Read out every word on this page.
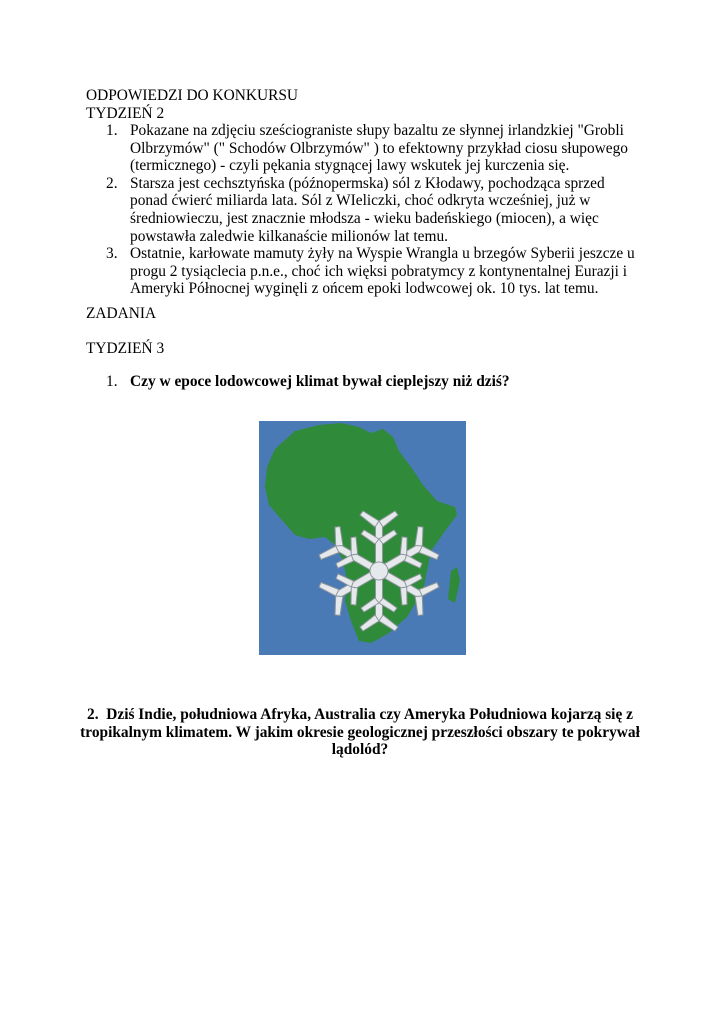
ODPOWIEDZI DO KONKURSU

TYDZIEŃ 2

1. Pokazane na zdjęciu sześciograniste słupy bazaltu ze słynnej irlandzkiej "Grobli Olbrzymów" (" Schodów Olbrzymów" ) to efektowny przykład ciosu słupowego (termicznego) - czyli pękania stygnącej lawy wskutek jej kurczenia się.
2. Starsza jest cechsztyńska (późnopermska) sól z Kłodawy, pochodząca sprzed ponad ćwierć miliarda lata. Sól z WIeliczki, choć odkryta wcześniej, już w średniowieczu, jest znacznie młodsza - wieku badeńskiego (miocen), a więc powstawła zaledwie kilkanaście milionów lat temu.
3. Ostatnie, karłowate mamuty żyły na Wyspie Wrangla u brzegów Syberii jeszcze u progu 2 tysiąclecia p.n.e., choć ich więksi pobratymcy z kontynentalnej Eurazji i Ameryki Północnej wyginęli z ońcem epoki lodwcowej ok. 10 tys. lat temu.

ZADANIA

TYDZIEŃ 3

1. Czy w epoce lodowcowej klimat bywał cieplejszy niż dziś?
2. Dziś Indie, południowa Afryka, Australia czy Ameryka Południowa kojarzą się z tropikalnym klimatem. W jakim okresie geologicznej przeszłości obszary te pokrywał lądolód?
